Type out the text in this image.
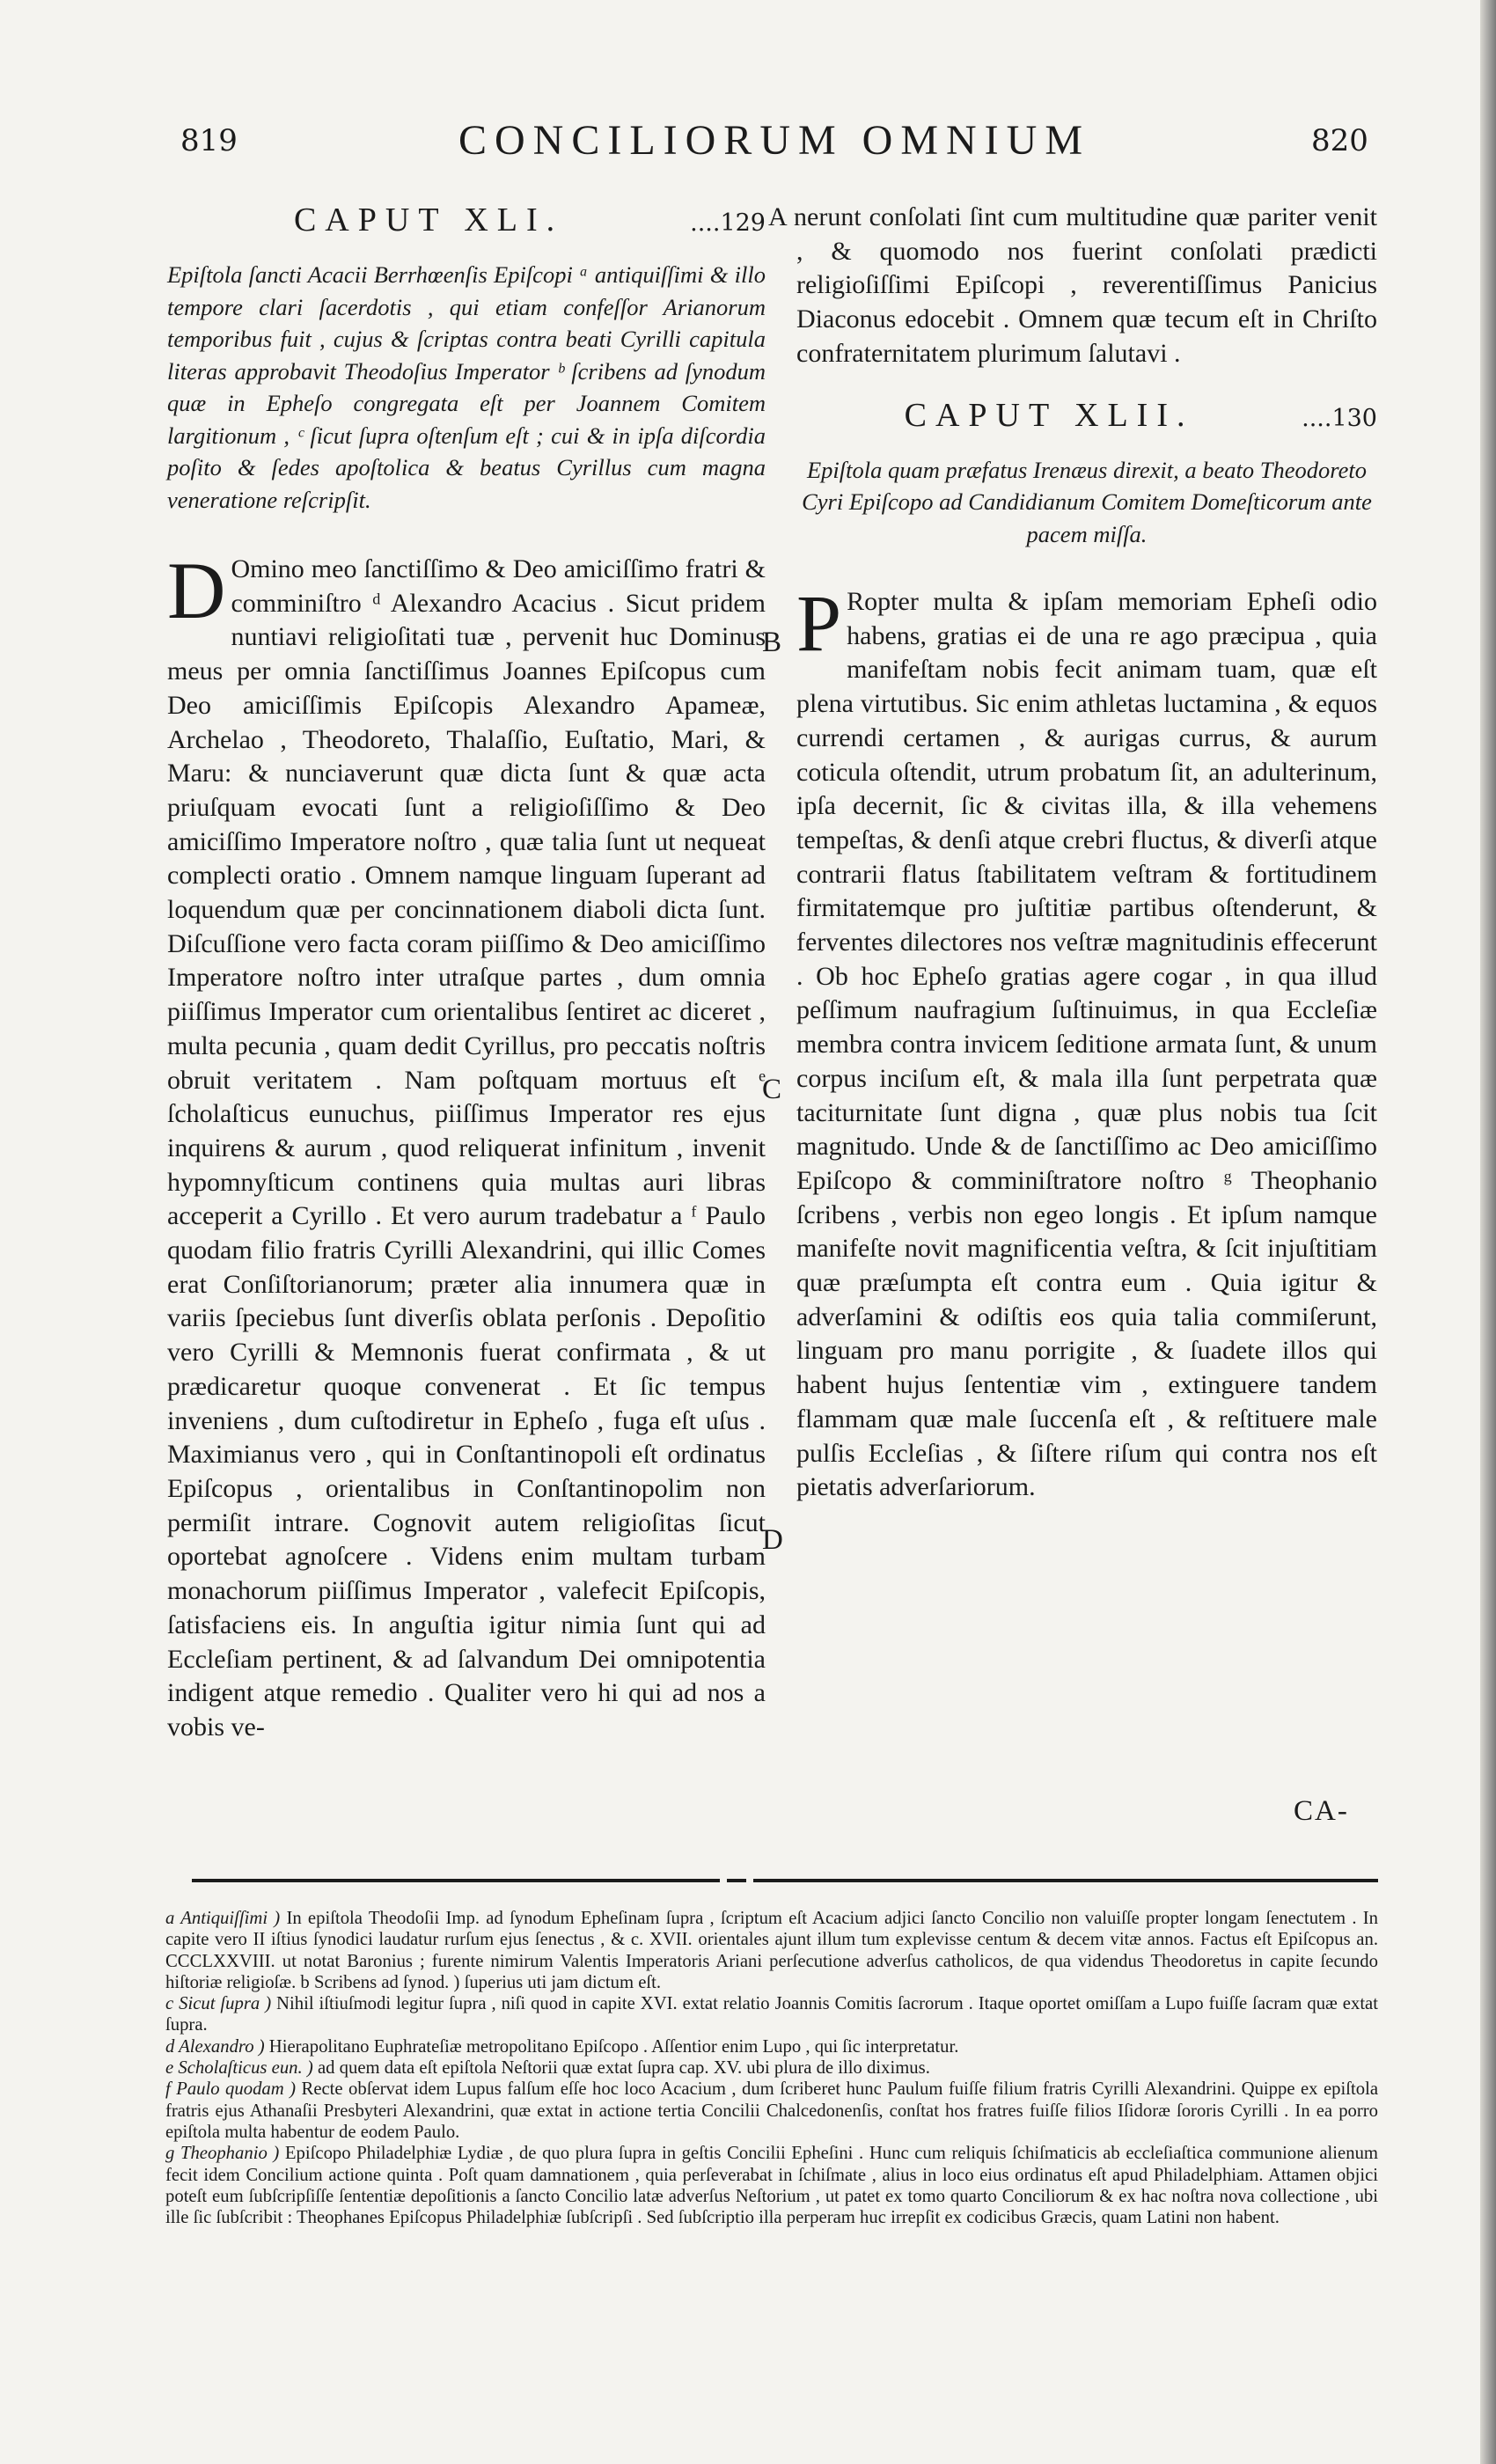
819	CONCILIORUM OMNIUM	820
CAPUT XLI.	....129
Epiſtola ſancti Acacii Berrhœenſis Epiſcopi ᵃ antiquiſſimi & illo tempore clari ſacerdotis , qui etiam confeſſor Arianorum temporibus fuit , cujus & ſcriptas contra beati Cyrilli capitula literas approbavit Theodoſius Imperator ᵇ ſcribens ad ſynodum quæ in Epheſo congregata eſt per Joannem Comitem largitionum , ᶜ ſicut ſupra oſtenſum eſt ; cui & in ipſa diſcordia poſito & ſedes apoſtolica & beatus Cyrillus cum magna veneratione reſcripſit.
D Omino meo ſanctiſſimo & Deo amiciſſimo fratri & comminiſtro ᵈ Alexandro Acacius . Sicut pridem nuntiavi religioſitati tuæ , pervenit huc Dominus meus per omnia ſanctiſſimus Joannes Epiſcopus cum Deo amiciſſimis Epiſcopis Alexandro Apameæ, Archelao , Theodoreto, Thalaſſio, Euſtatio, Mari, & Maru: & nunciaverunt quæ dicta ſunt & quæ acta priuſquam evocati ſunt a religioſiſſimo & Deo amiciſſimo Imperatore noſtro , quæ talia ſunt ut nequeat complecti oratio . Omnem namque linguam ſuperant ad loquendum quæ per concinnationem diaboli dicta ſunt. Diſcuſſione vero facta coram piiſſimo & Deo amiciſſimo Imperatore noſtro inter utraſque partes , dum omnia piiſſimus Imperator cum orientalibus ſentiret ac diceret , multa pecunia , quam dedit Cyrillus, pro peccatis noſtris obruit veritatem . Nam poſtquam mortuus eſt ᵉ ſcholaſticus eunuchus, piiſſimus Imperator res ejus inquirens & aurum , quod reliquerat infinitum , invenit hypomnyſticum continens quia multas auri libras acceperit a Cyrillo . Et vero aurum tradebatur a ᶠ Paulo quodam filio fratris Cyrilli Alexandrini, qui illic Comes erat Conſiſtorianorum; præter alia innumera quæ in variis ſpeciebus ſunt diverſis oblata perſonis . Depoſitio vero Cyrilli & Memnonis fuerat confirmata , & ut prædicaretur quoque convenerat . Et ſic tempus inveniens , dum cuſtodiretur in Epheſo , fuga eſt uſus . Maximianus vero , qui in Conſtantinopoli eſt ordinatus Epiſcopus , orientalibus in Conſtantinopolim non permiſit intrare. Cognovit autem religioſitas ſicut oportebat agnoſcere . Videns enim multam turbam monachorum piiſſimus Imperator , valefecit Epiſcopis, ſatisfaciens eis. In anguſtia igitur nimia ſunt qui ad Eccleſiam pertinent, & ad ſalvandum Dei omnipotentia indigent atque remedio . Qualiter vero hi qui ad nos a vobis ve-
B
C
D
A nerunt conſolati ſint cum multitudine quæ pariter venit , & quomodo nos fuerint conſolati prædicti religioſiſſimi Epiſcopi , reverentiſſimus Panicius Diaconus edocebit . Omnem quæ tecum eſt in Chriſto confraternitatem plurimum ſalutavi .
CAPUT XLII.	....130
Epiſtola quam præfatus Irenæus direxit, a beato Theodoreto Cyri Epiſcopo ad Candidianum Comitem Domeſticorum ante pacem miſſa.
P Ropter multa & ipſam memoriam Epheſi odio habens, gratias ei de una re ago præcipua , quia manifeſtam nobis fecit animam tuam, quæ eſt plena virtutibus. Sic enim athletas luctamina , & equos currendi certamen , & aurigas currus, & aurum coticula oſtendit, utrum probatum ſit, an adulterinum, ipſa decernit, ſic & civitas illa, & illa vehemens tempeſtas, & denſi atque crebri fluctus, & diverſi atque contrarii flatus ſtabilitatem veſtram & fortitudinem firmitatemque pro juſtitiæ partibus oſtenderunt, & ferventes dilectores nos veſtræ magnitudinis effecerunt . Ob hoc Epheſo gratias agere cogar , in qua illud peſſimum naufragium ſuſtinuimus, in qua Eccleſiæ membra contra invicem ſeditione armata ſunt, & unum corpus inciſum eſt, & mala illa ſunt perpetrata quæ taciturnitate ſunt digna , quæ plus nobis tua ſcit magnitudo. Unde & de ſanctiſſimo ac Deo amiciſſimo Epiſcopo & comminiſtratore noſtro ᵍ Theophanio ſcribens , verbis non egeo longis . Et ipſum namque manifeſte novit magnificentia veſtra, & ſcit injuſtitiam quæ præſumpta eſt contra eum . Quia igitur & adverſamini & odiſtis eos quia talia commiſerunt, linguam pro manu porrigite , & ſuadete illos qui habent hujus ſententiæ vim , extinguere tandem flammam quæ male ſuccenſa eſt , & reſtituere male pulſis Eccleſias , & ſiſtere riſum qui contra nos eſt pietatis adverſariorum.
CA-

a Antiquiſſimi ) In epiſtola Theodoſii Imp. ad ſynodum Epheſinam ſupra , ſcriptum eſt Acacium adjici ſancto Concilio non valuiſſe propter longam ſenectutem . In capite vero II iſtius ſynodici laudatur rurſum ejus ſenectus , & c. XVII. orientales ajunt illum tum explevisse centum & decem vitæ annos. Factus eſt Epiſcopus an. CCCLXXVIII. ut notat Baronius ; furente nimirum Valentis Imperatoris Ariani perſecutione adverſus catholicos, de qua videndus Theodoretus in capite ſecundo hiſtoriæ religioſæ. b Scribens ad ſynod. ) ſuperius uti jam dictum eſt.

c Sicut ſupra ) Nihil iſtiuſmodi legitur ſupra , niſi quod in capite XVI. extat relatio Joannis Comitis ſacrorum . Itaque oportet omiſſam a Lupo fuiſſe ſacram quæ extat ſupra.

d Alexandro ) Hierapolitano Euphrateſiæ metropolitano Epiſcopo . Aſſentior enim Lupo , qui ſic interpretatur.

e Scholaſticus eun. ) ad quem data eſt epiſtola Neſtorii quæ extat ſupra cap. XV. ubi plura de illo diximus.

f Paulo quodam ) Recte obſervat idem Lupus falſum eſſe hoc loco Acacium , dum ſcriberet hunc Paulum fuiſſe filium fratris Cyrilli Alexandrini. Quippe ex epiſtola fratris ejus Athanaſii Presbyteri Alexandrini, quæ extat in actione tertia Concilii Chalcedonenſis, conſtat hos fratres fuiſſe filios Iſidoræ ſororis Cyrilli . In ea porro epiſtola multa habentur de eodem Paulo.

g Theophanio ) Epiſcopo Philadelphiæ Lydiæ , de quo plura ſupra in geſtis Concilii Epheſini . Hunc cum reliquis ſchiſmaticis ab eccleſiaſtica communione alienum fecit idem Concilium actione quinta . Poſt quam damnationem , quia perſeverabat in ſchiſmate , alius in loco eius ordinatus eſt apud Philadelphiam. Attamen objici poteſt eum ſubſcripſiſſe ſententiæ depoſitionis a ſancto Concilio latæ adverſus Neſtorium , ut patet ex tomo quarto Conciliorum & ex hac noſtra nova collectione , ubi ille ſic ſubſcribit : Theophanes Epiſcopus Philadelphiæ ſubſcripſi . Sed ſubſcriptio illa perperam huc irrepſit ex codicibus Græcis, quam Latini non habent.
